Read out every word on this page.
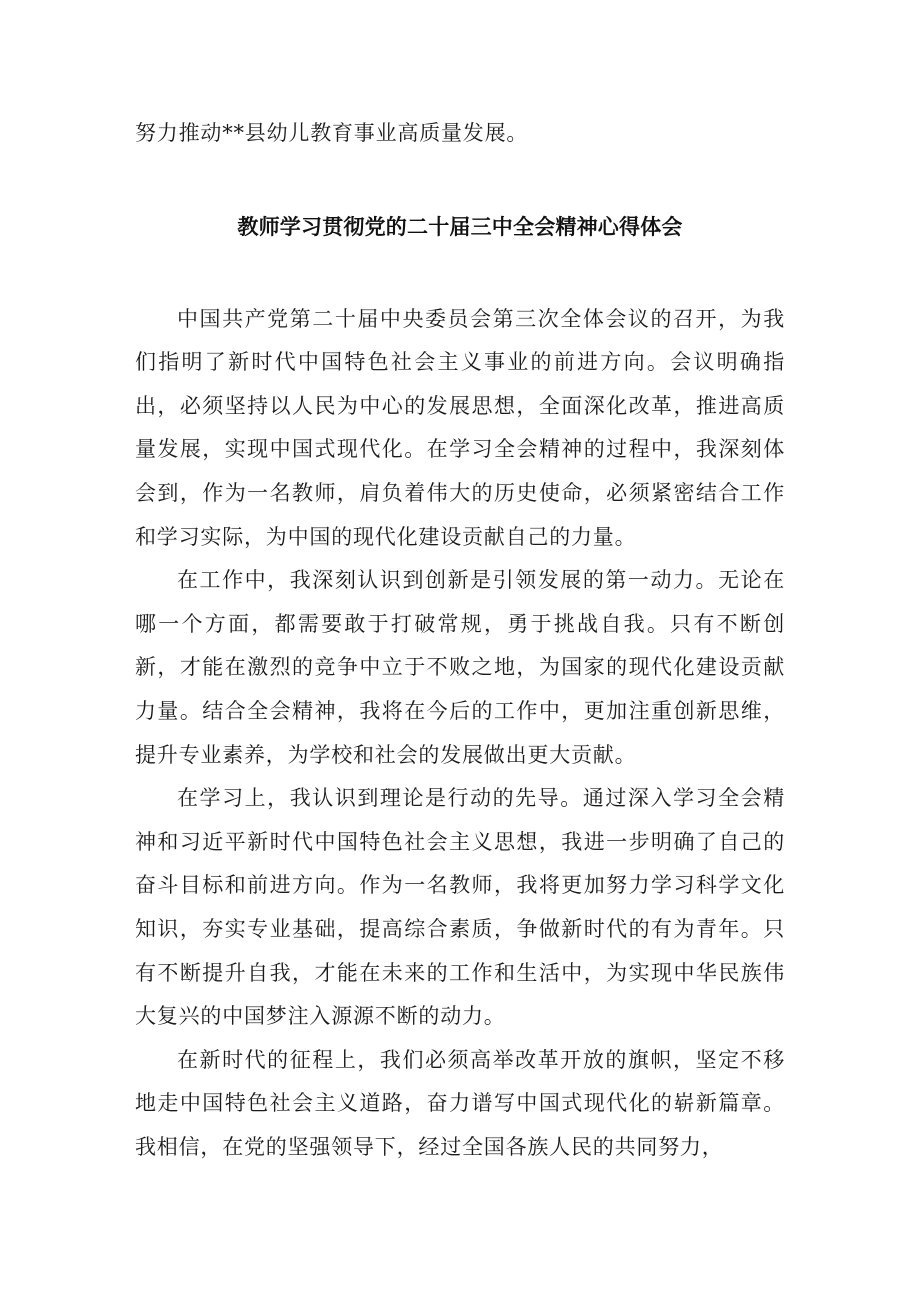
努力推动**县幼儿教育事业高质量发展。

教师学习贯彻党的二十届三中全会精神心得体会

中国共产党第二十届中央委员会第三次全体会议的召开，为我们指明了新时代中国特色社会主义事业的前进方向。会议明确指出，必须坚持以人民为中心的发展思想，全面深化改革，推进高质量发展，实现中国式现代化。在学习全会精神的过程中，我深刻体会到，作为一名教师，肩负着伟大的历史使命，必须紧密结合工作和学习实际，为中国的现代化建设贡献自己的力量。

在工作中，我深刻认识到创新是引领发展的第一动力。无论在哪一个方面，都需要敢于打破常规，勇于挑战自我。只有不断创新，才能在激烈的竞争中立于不败之地，为国家的现代化建设贡献力量。结合全会精神，我将在今后的工作中，更加注重创新思维，提升专业素养，为学校和社会的发展做出更大贡献。

在学习上，我认识到理论是行动的先导。通过深入学习全会精神和习近平新时代中国特色社会主义思想，我进一步明确了自己的奋斗目标和前进方向。作为一名教师，我将更加努力学习科学文化知识，夯实专业基础，提高综合素质，争做新时代的有为青年。只有不断提升自我，才能在未来的工作和生活中，为实现中华民族伟大复兴的中国梦注入源源不断的动力。

在新时代的征程上，我们必须高举改革开放的旗帜，坚定不移地走中国特色社会主义道路，奋力谱写中国式现代化的崭新篇章。我相信，在党的坚强领导下，经过全国各族人民的共同努力，
